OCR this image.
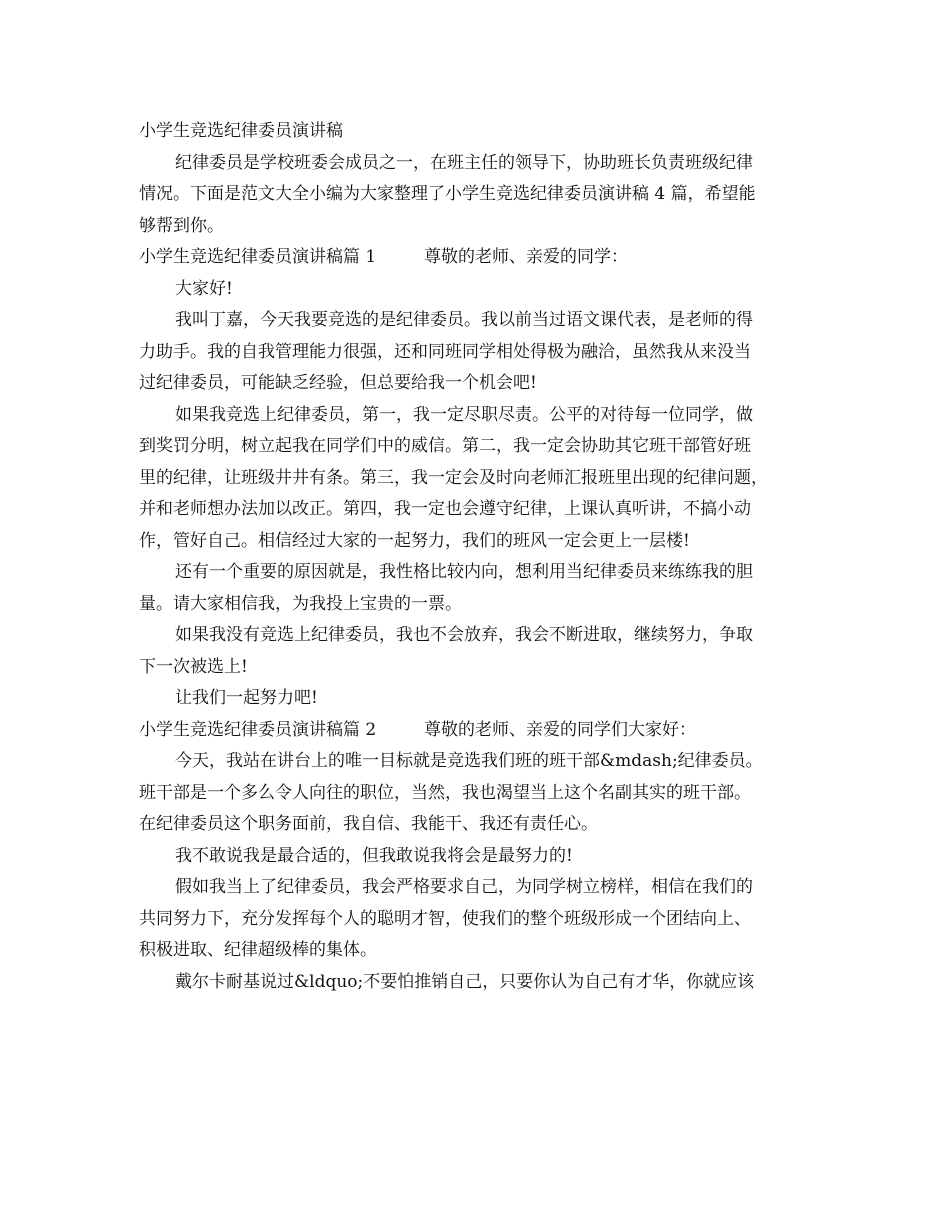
小学生竞选纪律委员演讲稿
纪律委员是学校班委会成员之一，在班主任的领导下，协助班长负责班级纪律
情况。下面是范文大全小编为大家整理了小学生竞选纪律委员演讲稿 4 篇，希望能
够帮到你。
小学生竞选纪律委员演讲稿篇 1	尊敬的老师、亲爱的同学：
大家好!
我叫丁嘉，今天我要竞选的是纪律委员。我以前当过语文课代表，是老师的得
力助手。我的自我管理能力很强，还和同班同学相处得极为融洽，虽然我从来没当
过纪律委员，可能缺乏经验，但总要给我一个机会吧!
如果我竞选上纪律委员，第一，我一定尽职尽责。公平的对待每一位同学，做
到奖罚分明，树立起我在同学们中的威信。第二，我一定会协助其它班干部管好班
里的纪律，让班级井井有条。第三，我一定会及时向老师汇报班里出现的纪律问题，
并和老师想办法加以改正。第四，我一定也会遵守纪律，上课认真听讲，不搞小动
作，管好自己。相信经过大家的一起努力，我们的班风一定会更上一层楼!
还有一个重要的原因就是，我性格比较内向，想利用当纪律委员来练练我的胆
量。请大家相信我，为我投上宝贵的一票。
如果我没有竞选上纪律委员，我也不会放弃，我会不断进取，继续努力，争取
下一次被选上!
让我们一起努力吧!
小学生竞选纪律委员演讲稿篇 2	尊敬的老师、亲爱的同学们大家好：
今天，我站在讲台上的唯一目标就是竞选我们班的班干部&mdash;纪律委员。
班干部是一个多么令人向往的职位，当然，我也渴望当上这个名副其实的班干部。
在纪律委员这个职务面前，我自信、我能干、我还有责任心。
我不敢说我是最合适的，但我敢说我将会是最努力的!
假如我当上了纪律委员，我会严格要求自己，为同学树立榜样，相信在我们的
共同努力下，充分发挥每个人的聪明才智，使我们的整个班级形成一个团结向上、
积极进取、纪律超级棒的集体。
戴尔卡耐基说过&ldquo;不要怕推销自己，只要你认为自己有才华，你就应该
